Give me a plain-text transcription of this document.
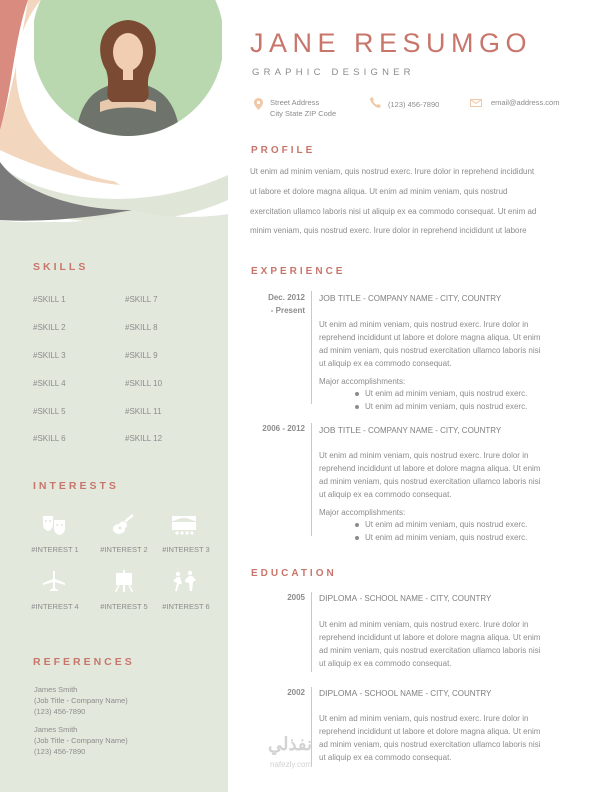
SKILLS
#SKILL 1
#SKILL 2
#SKILL 3
#SKILL 4
#SKILL 5
#SKILL 6
#SKILL 7
#SKILL 8
#SKILL 9
#SKILL 10
#SKILL 11
#SKILL 12
INTERESTS
#INTEREST 1	#INTEREST 2	#INTEREST 3
#INTEREST 4	#INTEREST 5	#INTEREST 6
REFERENCES
James Smith
(Job Title - Company Name)
(123) 456-7890
James Smith
(Job Title - Company Name)
(123) 456-7890
JANE RESUMGO
GRAPHIC DESIGNER
Street Address
City State ZIP Code
(123) 456-7890	email@address.com
PROFILE
Ut enim ad minim veniam, quis nostrud exerc. Irure dolor in reprehend incididunt
ut labore et dolore magna aliqua. Ut enim ad minim veniam, quis nostrud
exercitation ullamco laboris nisi ut aliquip ex ea commodo consequat. Ut enim ad
minim veniam, quis nostrud exerc. Irure dolor in reprehend incididunt ut labore
EXPERIENCE
Dec. 2012
- Present
JOB TITLE - COMPANY NAME - CITY, COUNTRY
Ut enim ad minim veniam, quis nostrud exerc. Irure dolor in
reprehend incididunt ut labore et dolore magna aliqua. Ut enim
ad minim veniam, quis nostrud exercitation ullamco laboris nisi
ut aliquip ex ea commodo consequat.
Major accomplishments:
Ut enim ad minim veniam, quis nostrud exerc.
Ut enim ad minim veniam, quis nostrud exerc.
2006 - 2012 JOB TITLE - COMPANY NAME - CITY, COUNTRY
Ut enim ad minim veniam, quis nostrud exerc. Irure dolor in
reprehend incididunt ut labore et dolore magna aliqua. Ut enim
ad minim veniam, quis nostrud exercitation ullamco laboris nisi
ut aliquip ex ea commodo consequat.
Major accomplishments:
Ut enim ad minim veniam, quis nostrud exerc.
Ut enim ad minim veniam, quis nostrud exerc.
EDUCATION
2005 DIPLOMA - SCHOOL NAME - CITY, COUNTRY
Ut enim ad minim veniam, quis nostrud exerc. Irure dolor in
reprehend incididunt ut labore et dolore magna aliqua. Ut enim
ad minim veniam, quis nostrud exercitation ullamco laboris nisi
ut aliquip ex ea commodo consequat.
2002 DIPLOMA - SCHOOL NAME - CITY, COUNTRY
Ut enim ad minim veniam, quis nostrud exerc. Irure dolor in
reprehend incididunt ut labore et dolore magna aliqua. Ut enim
ad minim veniam, quis nostrud exercitation ullamco laboris nisi
ut aliquip ex ea commodo consequat.
نفذلي
nafezly.com
